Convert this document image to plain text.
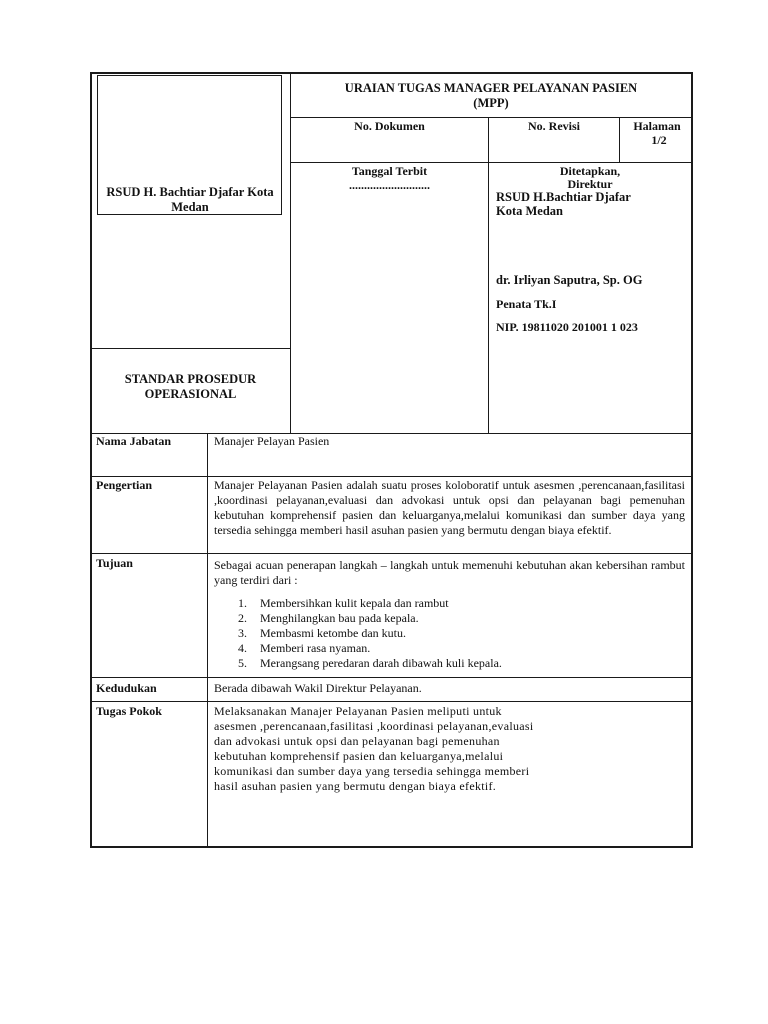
RSUD H. Bachtiar Djafar Kota Medan
URAIAN TUGAS MANAGER PELAYANAN PASIEN
(MPP)
No. Dokumen	No. Revisi	Halaman
1/2
Tanggal Terbit
...........................
Ditetapkan,
Direktur
RSUD H.Bachtiar Djafar
Kota Medan
dr. Irliyan Saputra, Sp. OG
Penata Tk.I
NIP. 19811020 201001 1 023
STANDAR PROSEDUR
OPERASIONAL
Nama Jabatan	Manajer Pelayan Pasien
Pengertian	Manajer Pelayanan Pasien adalah suatu proses koloboratif untuk asesmen ,perencanaan,fasilitasi ,koordinasi pelayanan,evaluasi dan advokasi untuk opsi dan pelayanan bagi pemenuhan kebutuhan komprehensif pasien dan keluarganya,melalui komunikasi dan sumber daya yang tersedia sehingga memberi hasil asuhan pasien yang bermutu dengan biaya efektif.
Tujuan	Sebagai acuan penerapan langkah – langkah untuk memenuhi kebutuhan akan kebersihan rambut yang terdiri dari :
1. Membersihkan kulit kepala dan rambut
2. Menghilangkan bau pada kepala.
3. Membasmi ketombe dan kutu.
4. Memberi rasa nyaman.
5. Merangsang peredaran darah dibawah kuli kepala.
Kedudukan	Berada dibawah Wakil Direktur Pelayanan.
Tugas Pokok	Melaksanakan Manajer Pelayanan Pasien meliputi untuk
asesmen ,perencanaan,fasilitasi ,koordinasi pelayanan,evaluasi
dan advokasi untuk opsi dan pelayanan bagi pemenuhan
kebutuhan komprehensif pasien dan keluarganya,melalui
komunikasi dan sumber daya yang tersedia sehingga memberi
hasil asuhan pasien yang bermutu dengan biaya efektif.
